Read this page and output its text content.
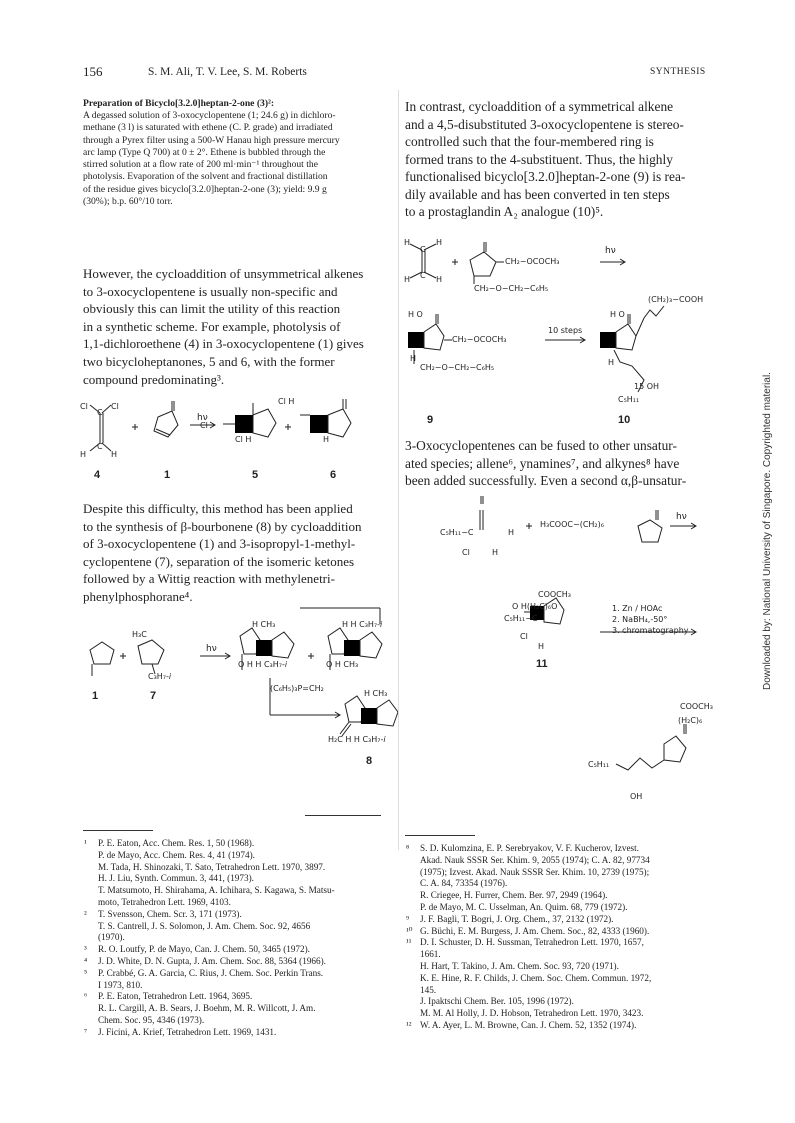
156	S. M. Ali, T. V. Lee, S. M. Roberts	SYNTHESIS
Preparation of Bicyclo[3.2.0]heptan-2-one (3)²:
A degassed solution of 3-oxocyclopentene (1; 24.6 g) in dichloro-
methane (3 l) is saturated with ethene (C. P. grade) and irradiated
through a Pyrex filter using a 500-W Hanau high pressure mercury
arc lamp (Type Q 700) at 0 ± 2°. Ethene is bubbled through the
stirred solution at a flow rate of 200 ml·min⁻¹ throughout the
photolysis. Evaporation of the solvent and fractional distillation
of the residue gives bicyclo[3.2.0]heptan-2-one (3); yield: 9.9 g
(30%); b.p. 60°/10 torr.
However, the cycloaddition of unsymmetrical alkenes
to 3-oxocyclopentene is usually non-specific and
obviously this can limit the utility of this reaction
in a synthetic scheme. For example, photolysis of
1,1-dichloroethene (4) in 3-oxocyclopentene (1) gives
two bicycloheptanones, 5 and 6, with the former
compound predominating³.
Cl	Cl
C
H	H
C
hν
Cl
Cl H
Cl H
H
4	1	5	6
Despite this difficulty, this method has been applied
to the synthesis of β-bourbonene (8) by cycloaddition
of 3-oxocyclopentene (1) and 3-isopropyl-1-methyl-
cyclopentene (7), separation of the isomeric ketones
followed by a Wittig reaction with methylenetri-
phenylphosphorane⁴.
H₃C
C₃H₇-i
hν
H CH₃
O H H C₃H₇-i
H H C₃H₇-i
O H CH₃
(C₆H₅)₃P=CH₂
H CH₃
H₂C H H C₃H₇-i
1	7
8
In contrast, cycloaddition of a symmetrical alkene
and a 4,5-disubstituted 3-oxocyclopentene is stereo-
controlled such that the four-membered ring is
formed trans to the 4-substituent. Thus, the highly
functionalised bicyclo[3.2.0]heptan-2-one (9) is rea-
dily available and has been converted in ten steps
to a prostaglandin A₂ analogue (10)⁵.
H	H
C
H	H
C
CH₂−OCOCH₃
CH₂−O−CH₂−C₆H₅
hν
H O
H
CH₂−OCOCH₃
CH₂−O−CH₂−C₆H₅
10 steps
(CH₂)₃−COOH
H O
H
15 OH
C₅H₁₁
9	10
3-Oxocyclopentenes can be fused to other unsatur-
ated species; allene⁶, ynamines⁷, and alkynes⁸ have
been added successfully. Even a second α,β-unsatur-
C₅H₁₁−C	H
Cl	H
H₃COOC−(CH₂)₆
hν
COOCH₃
O H(H₂C)₆O
C₅H₁₁−C
Cl
H
1. Zn / HOAc
2. NaBH₄,-50°
3. chromatography
11
COOCH₃
(H₂C)₆
C₅H₁₁
OH
¹ P. E. Eaton, Acc. Chem. Res. 1, 50 (1968).
P. de Mayo, Acc. Chem. Res. 4, 41 (1974).
M. Tada, H. Shinozaki, T. Sato, Tetrahedron Lett. 1970, 3897.
H. J. Liu, Synth. Commun. 3, 441, (1973).
T. Matsumoto, H. Shirahama, A. Ichihara, S. Kagawa, S. Matsu-
moto, Tetrahedron Lett. 1969, 4103.
² T. Svensson, Chem. Scr. 3, 171 (1973).
T. S. Cantrell, J. S. Solomon, J. Am. Chem. Soc. 92, 4656
(1970).
³ R. O. Loutfy, P. de Mayo, Can. J. Chem. 50, 3465 (1972).
⁴ J. D. White, D. N. Gupta, J. Am. Chem. Soc. 88, 5364 (1966).
⁵ P. Crabbé, G. A. Garcia, C. Rius, J. Chem. Soc. Perkin Trans.
I 1973, 810.
⁶ P. E. Eaton, Tetrahedron Lett. 1964, 3695.
R. L. Cargill, A. B. Sears, J. Boehm, M. R. Willcott, J. Am.
Chem. Soc. 95, 4346 (1973).
⁷ J. Ficini, A. Krief, Tetrahedron Lett. 1969, 1431.
⁸ S. D. Kulomzina, E. P. Serebryakov, V. F. Kucherov, Izvest.
Akad. Nauk SSSR Ser. Khim. 9, 2055 (1974); C. A. 82, 97734
(1975); Izvest. Akad. Nauk SSSR Ser. Khim. 10, 2739 (1975);
C. A. 84, 73354 (1976).
R. Criegee, H. Furrer, Chem. Ber. 97, 2949 (1964).
P. de Mayo, M. C. Usselman, An. Quim. 68, 779 (1972).
⁹ J. F. Bagli, T. Bogri, J. Org. Chem., 37, 2132 (1972).
¹⁰ G. Büchi, E. M. Burgess, J. Am. Chem. Soc., 82, 4333 (1960).
¹¹ D. I. Schuster, D. H. Sussman, Tetrahedron Lett. 1970, 1657,
1661.
H. Hart, T. Takino, J. Am. Chem. Soc. 93, 720 (1971).
K. E. Hine, R. F. Childs, J. Chem. Soc. Chem. Commun. 1972,
145.
J. Ipaktschi Chem. Ber. 105, 1996 (1972).
M. M. Al Holly, J. D. Hobson, Tetrahedron Lett. 1970, 3423.
¹² W. A. Ayer, L. M. Browne, Can. J. Chem. 52, 1352 (1974).
Downloaded by: National University of Singapore. Copyrighted material.
